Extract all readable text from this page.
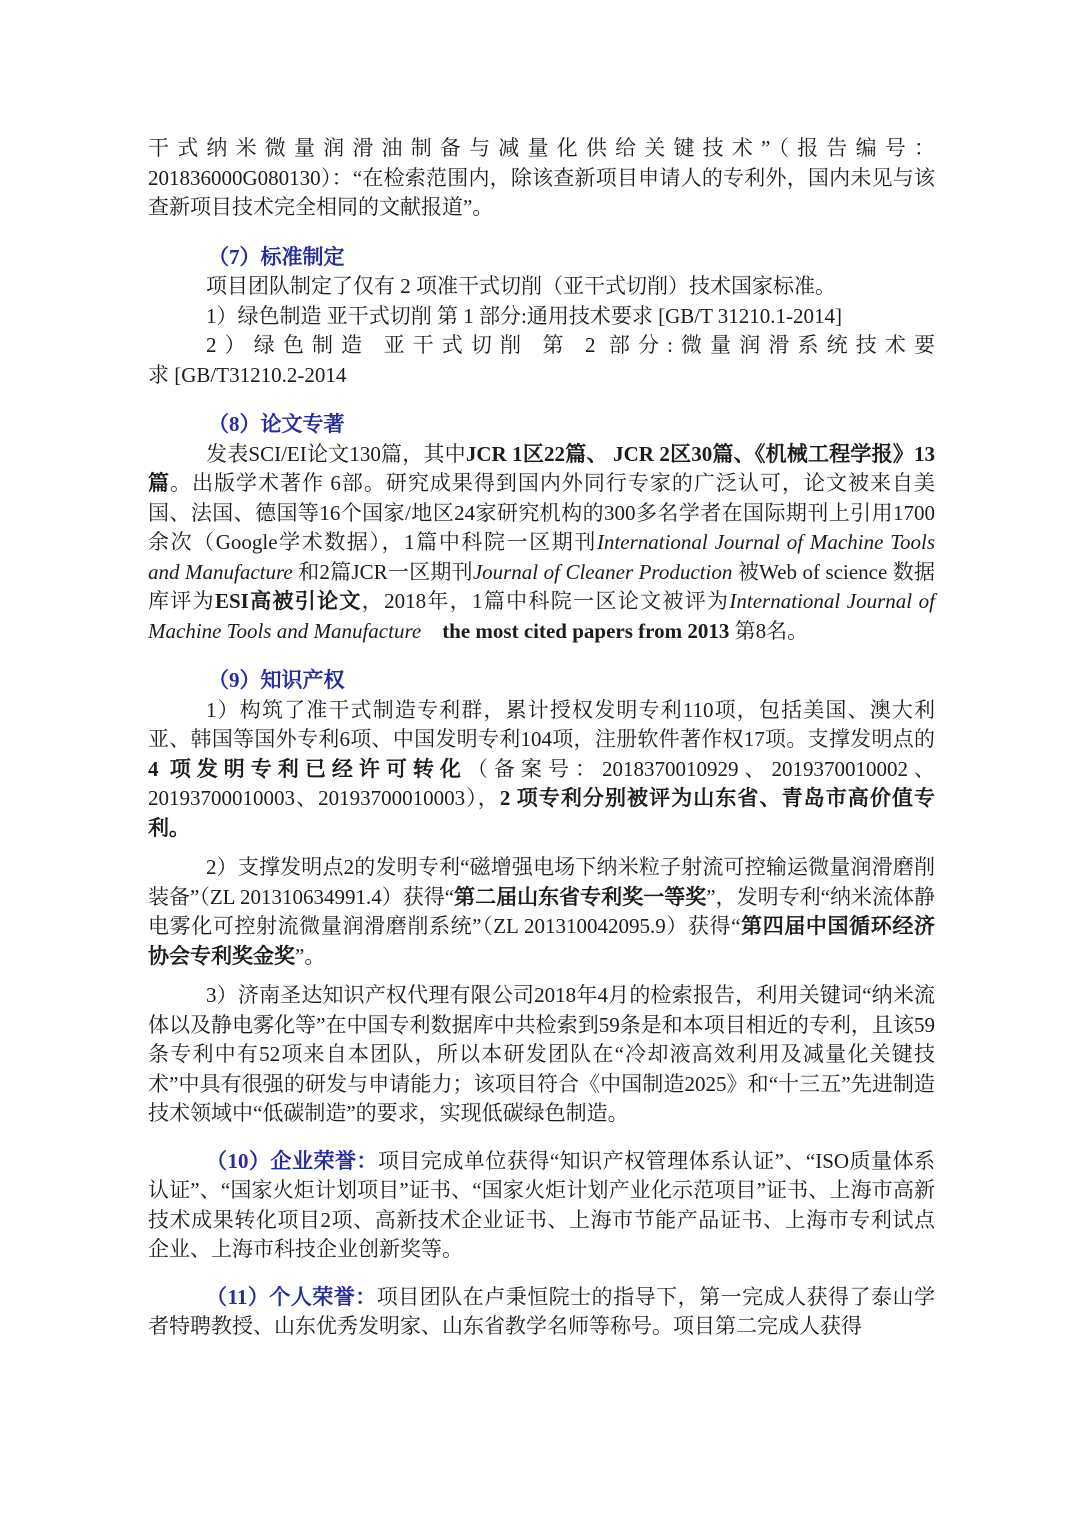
干式纳米微量润滑油制备与减量化供给关键技术”（报告编号：201836000G080130）：“在检索范围内，除该查新项目申请人的专利外，国内未见与该查新项目技术完全相同的文献报道”。

（7）标准制定

项目团队制定了仅有 2 项准干式切削（亚干式切削）技术国家标准。

1）绿色制造 亚干式切削 第 1 部分:通用技术要求 [GB/T 31210.1-2014]

2）绿色制造 亚干式切削 第 2 部分:微量润滑系统技术要

求 [GB/T31210.2-2014

（8）论文专著

发表SCI/EI论文130篇，其中JCR 1区22篇、 JCR 2区30篇、《机械工程学报》13篇。出版学术著作 6部。研究成果得到国内外同行专家的广泛认可，论文被来自美国、法国、德国等16个国家/地区24家研究机构的300多名学者在国际期刊上引用1700余次（Google学术数据），1篇中科院一区期刊International Journal of Machine Tools and Manufacture 和2篇JCR一区期刊Journal of Cleaner Production 被Web of science 数据库评为ESI高被引论文，2018年，1篇中科院一区论文被评为International Journal of Machine Tools and Manufacture　 the most cited papers from 2013 第8名。

（9）知识产权

1）构筑了准干式制造专利群，累计授权发明专利110项，包括美国、澳大利亚、韩国等国外专利6项、中国发明专利104项，注册软件著作权17项。支撑发明点的 4 项发明专利已经许可转化（备案号：2018370010929、2019370010002、20193700010003、20193700010003），2 项专利分别被评为山东省、青岛市高价值专利。

2）支撑发明点2的发明专利“磁增强电场下纳米粒子射流可控输运微量润滑磨削装备”（ZL 201310634991.4）获得“第二届山东省专利奖一等奖”，发明专利“纳米流体静电雾化可控射流微量润滑磨削系统”（ZL 201310042095.9）获得“第四届中国循环经济协会专利奖金奖”。

3）济南圣达知识产权代理有限公司2018年4月的检索报告，利用关键词“纳米流体以及静电雾化等”在中国专利数据库中共检索到59条是和本项目相近的专利，且该59条专利中有52项来自本团队，所以本研发团队在“冷却液高效利用及减量化关键技术”中具有很强的研发与申请能力；该项目符合《中国制造2025》和“十三五”先进制造技术领域中“低碳制造”的要求，实现低碳绿色制造。

（10）企业荣誉：项目完成单位获得“知识产权管理体系认证”、“ISO质量体系认证”、“国家火炬计划项目”证书、“国家火炬计划产业化示范项目”证书、上海市高新技术成果转化项目2项、高新技术企业证书、上海市节能产品证书、上海市专利试点企业、上海市科技企业创新奖等。

（11）个人荣誉：项目团队在卢秉恒院士的指导下，第一完成人获得了泰山学者特聘教授、山东优秀发明家、山东省教学名师等称号。项目第二完成人获得
